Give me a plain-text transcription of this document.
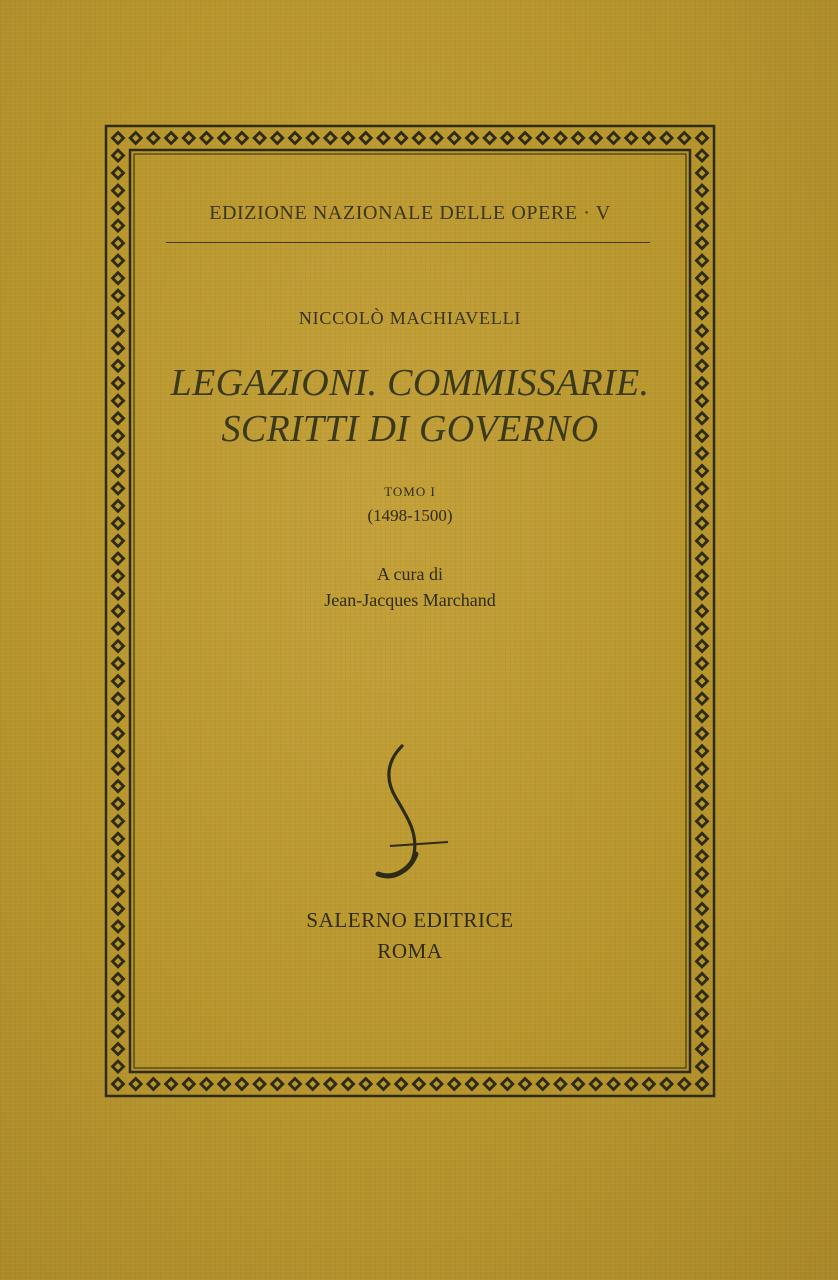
EDIZIONE NAZIONALE DELLE OPERE · V
NICCOLÒ MACHIAVELLI
LEGAZIONI. COMMISSARIE.
SCRITTI DI GOVERNO
TOMO I
(1498-1500)
A cura di
Jean-Jacques Marchand
SALERNO EDITRICE
ROMA
